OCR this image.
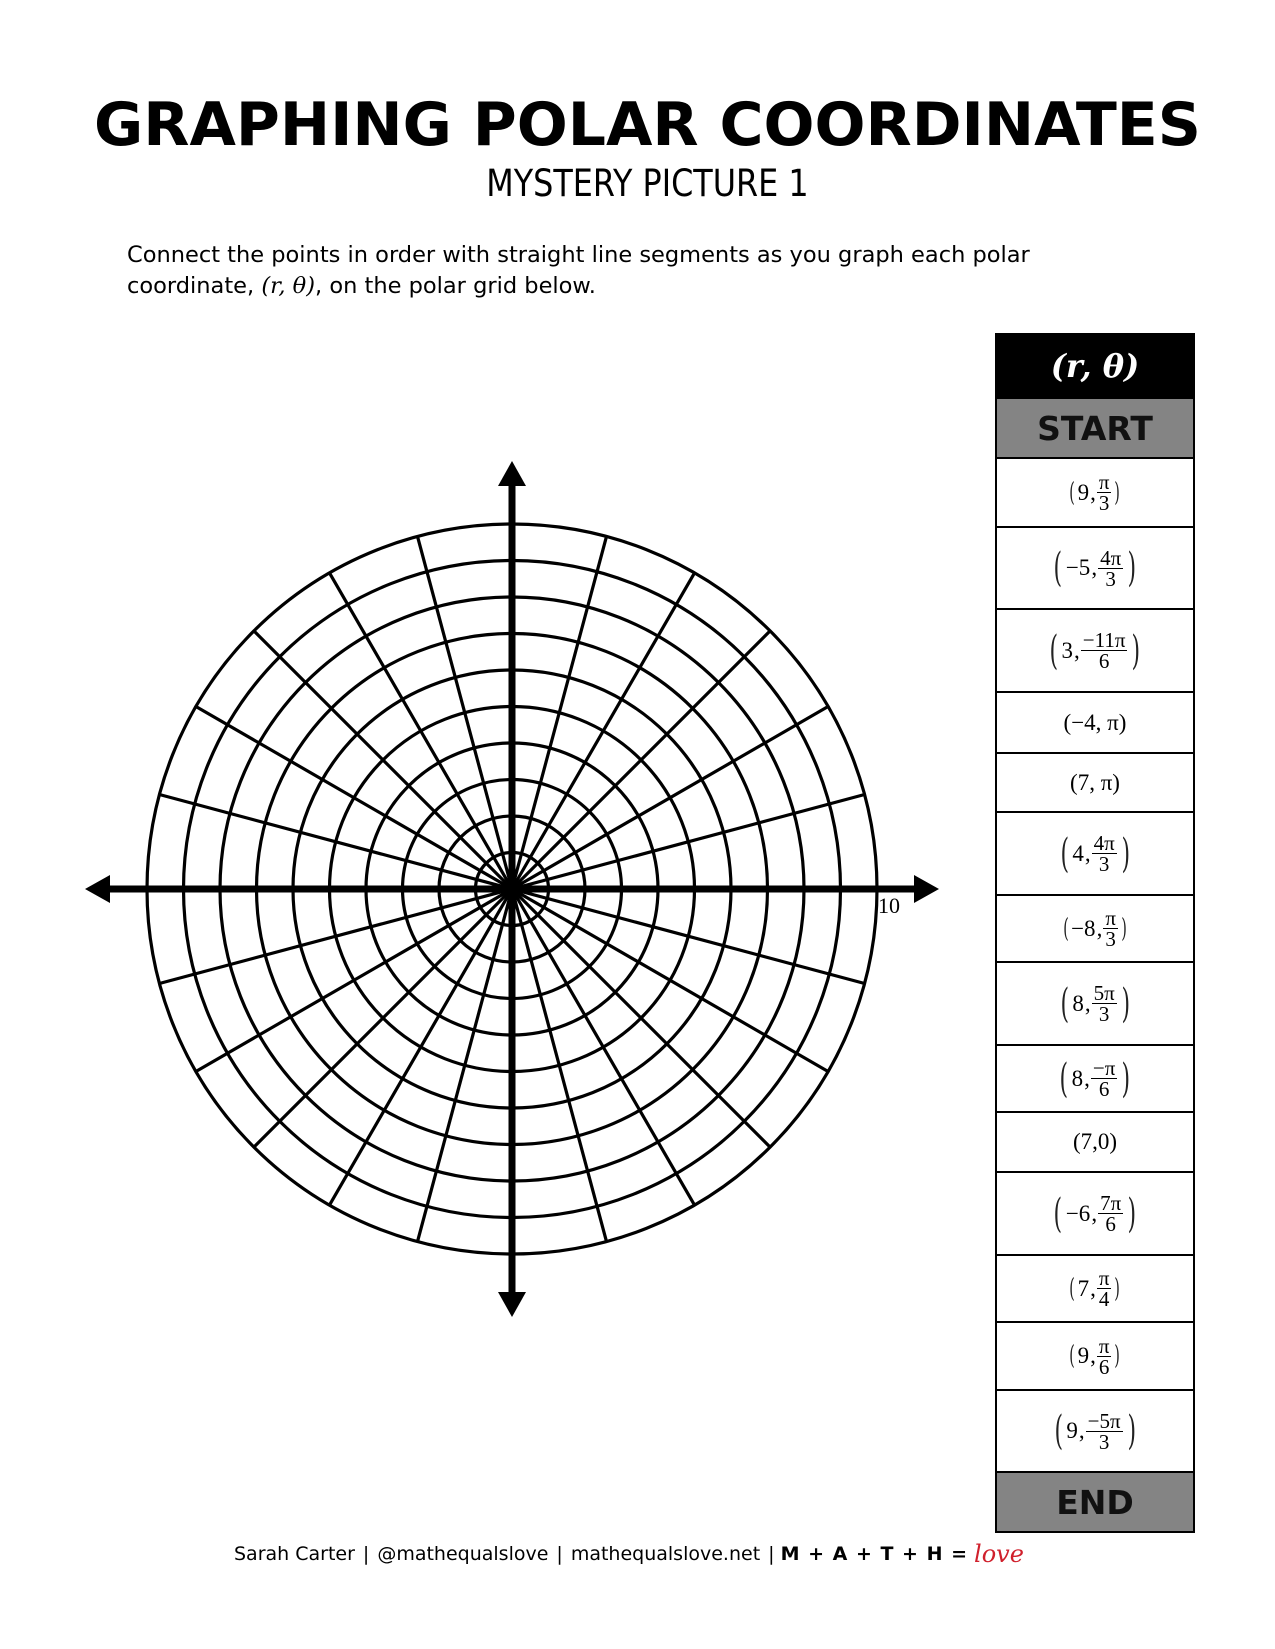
GRAPHING POLAR COORDINATES
MYSTERY PICTURE 1
Connect the points in order with straight line segments as you graph each polar
coordinate, (r, θ), on the polar grid below.
10
(r, θ)
START
( 9 , $\frac{\pi}{3}$ )
( −5 , $\frac{4\pi}{3}$ )
( 3 , $\frac{-11\pi}{6}$ )
(−4, π)
(7, π)
( 4 , $\frac{4\pi}{3}$ )
( −8 , $\frac{\pi}{3}$ )
( 8 , $\frac{5\pi}{3}$ )
( 8 , $\frac{-\pi}{6}$ )
(7,0)
( −6 , $\frac{7\pi}{6}$ )
( 7 , $\frac{\pi}{4}$ )
( 9 , $\frac{\pi}{6}$ )
( 9 , $\frac{-5\pi}{3}$ )
END
Sarah Carter | @mathequalslove | mathequalslove.net | M + A + T + H = love
